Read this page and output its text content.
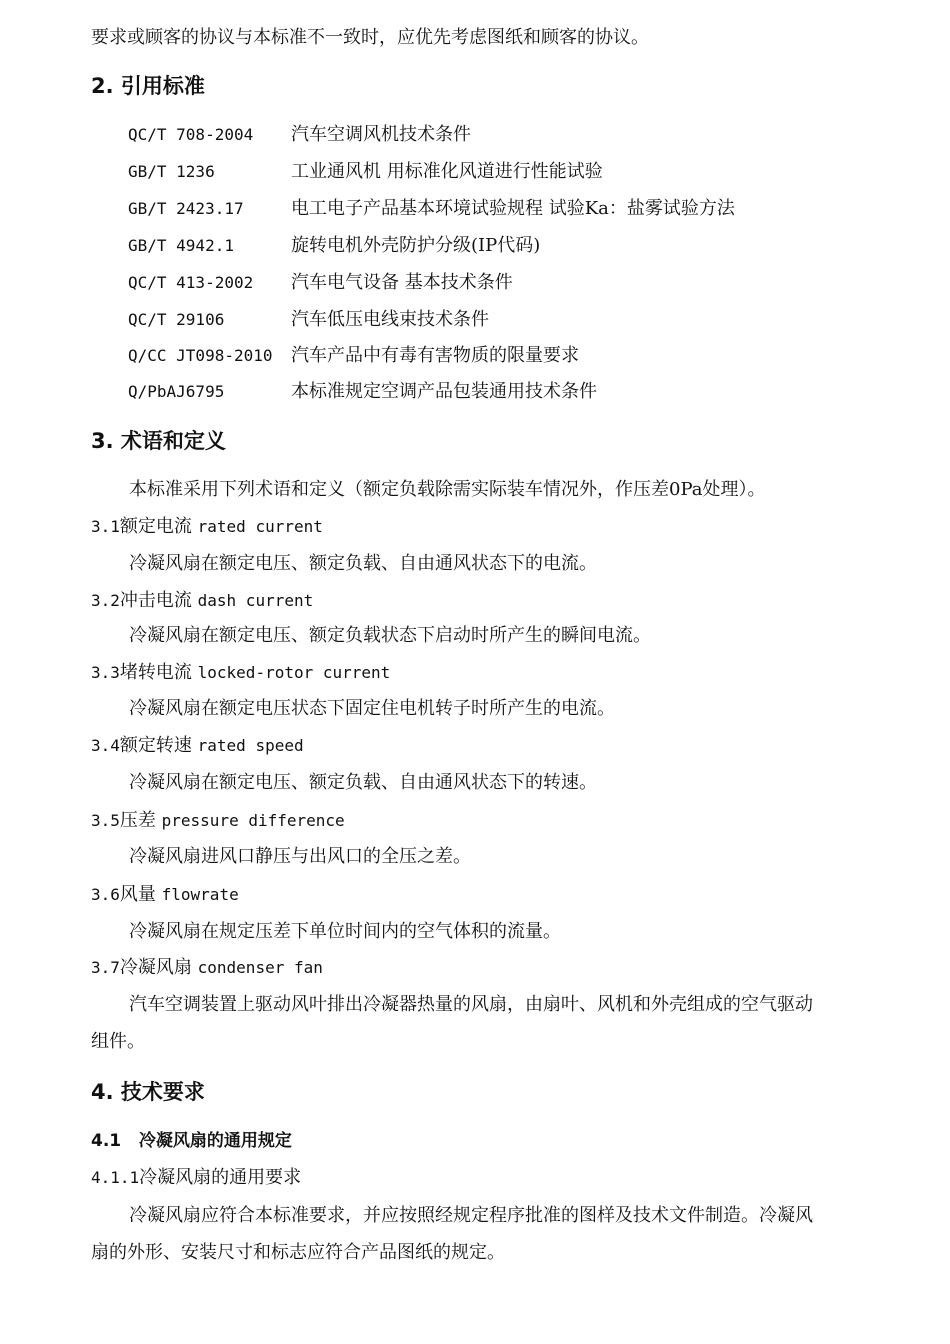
要求或顾客的协议与本标准不一致时，应优先考虑图纸和顾客的协议。
2. 引用标准
QC/T 708-2004 汽车空调风机技术条件
GB/T 1236	工业通风机 用标准化风道进行性能试验
GB/T 2423.17	电工电子产品基本环境试验规程 试验Ka：盐雾试验方法
GB/T 4942.1	旋转电机外壳防护分级(IP代码)
QC/T 413-2002 汽车电气设备 基本技术条件
QC/T 29106	汽车低压电线束技术条件
Q/CC JT098-2010 汽车产品中有毒有害物质的限量要求
Q/PbAJ6795	本标准规定空调产品包装通用技术条件
3. 术语和定义
本标准采用下列术语和定义（额定负载除需实际装车情况外，作压差0Pa处理）。
3.1额定电流 rated current
冷凝风扇在额定电压、额定负载、自由通风状态下的电流。
3.2冲击电流 dash current
冷凝风扇在额定电压、额定负载状态下启动时所产生的瞬间电流。
3.3堵转电流 locked-rotor current
冷凝风扇在额定电压状态下固定住电机转子时所产生的电流。
3.4额定转速 rated speed
冷凝风扇在额定电压、额定负载、自由通风状态下的转速。
3.5压差 pressure difference
冷凝风扇进风口静压与出风口的全压之差。
3.6风量 flowrate
冷凝风扇在规定压差下单位时间内的空气体积的流量。
3.7冷凝风扇 condenser fan
汽车空调装置上驱动风叶排出冷凝器热量的风扇，由扇叶、风机和外壳组成的空气驱动
组件。
4. 技术要求
4.1   冷凝风扇的通用规定
4.1.1冷凝风扇的通用要求
冷凝风扇应符合本标准要求，并应按照经规定程序批准的图样及技术文件制造。冷凝风
扇的外形、安装尺寸和标志应符合产品图纸的规定。
